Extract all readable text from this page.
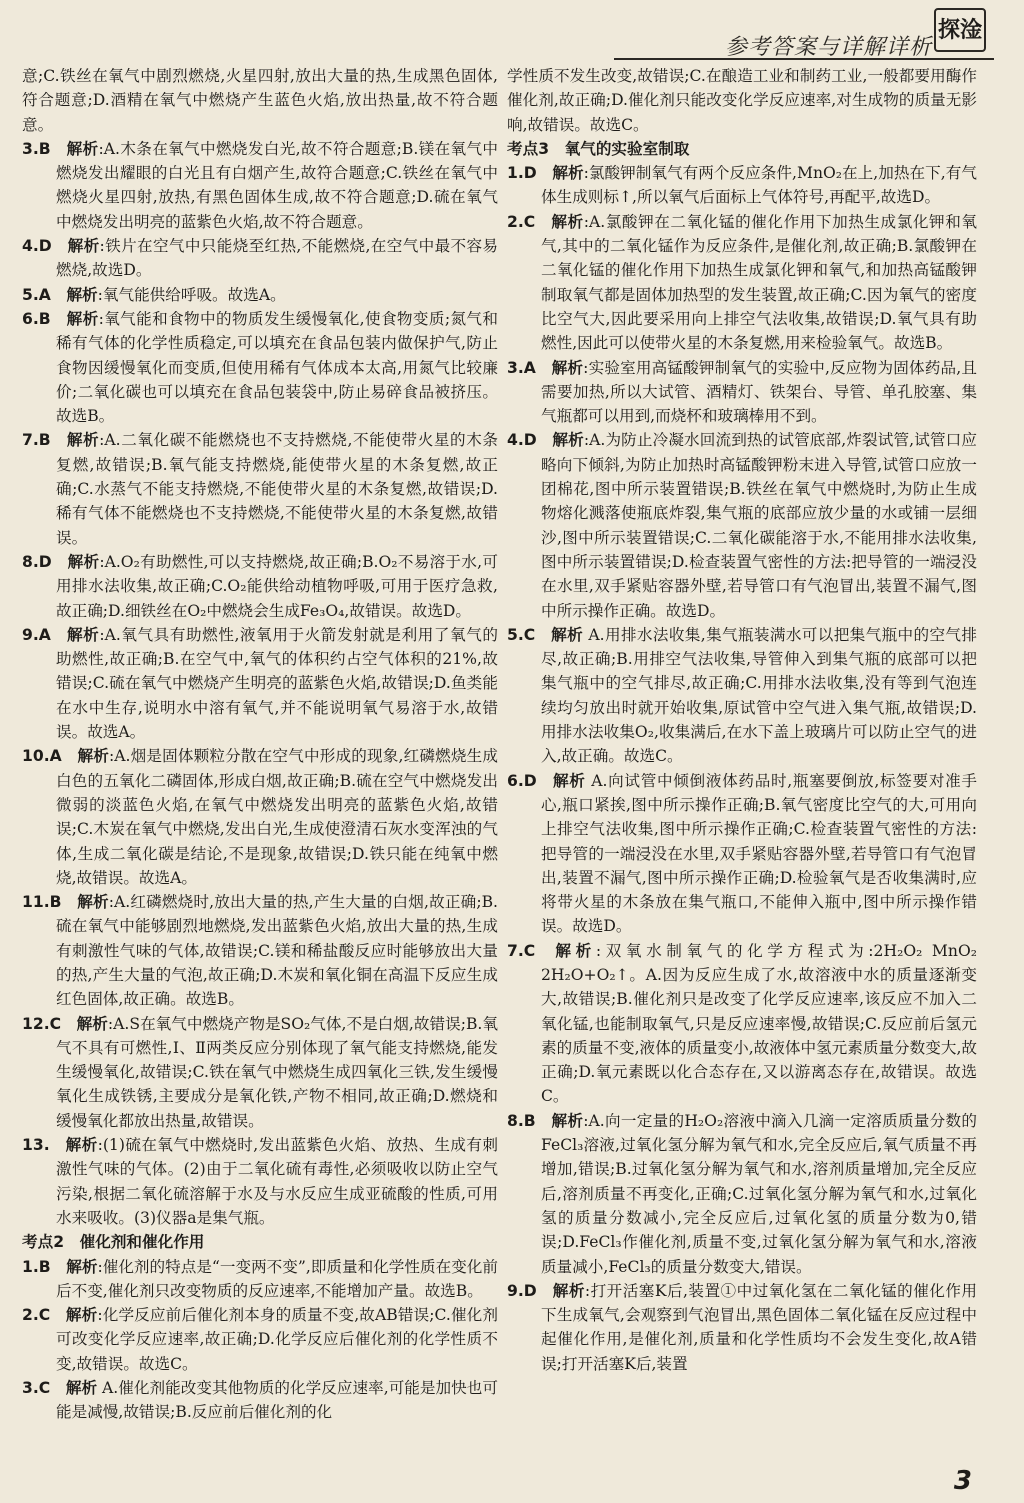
参考答案与详解详析
探淦
意;C.铁丝在氧气中剧烈燃烧,火星四射,放出大量的热,生成黑色固体,符合题意;D.酒精在氧气中燃烧产生蓝色火焰,放出热量,故不符合题意。
3.B  解析:A.木条在氧气中燃烧发白光,故不符合题意;B.镁在氧气中燃烧发出耀眼的白光且有白烟产生,故符合题意;C.铁丝在氧气中燃烧火星四射,放热,有黑色固体生成,故不符合题意;D.硫在氧气中燃烧发出明亮的蓝紫色火焰,故不符合题意。
4.D  解析:铁片在空气中只能烧至红热,不能燃烧,在空气中最不容易燃烧,故选D。
5.A  解析:氧气能供给呼吸。故选A。
6.B  解析:氧气能和食物中的物质发生缓慢氧化,使食物变质;氮气和稀有气体的化学性质稳定,可以填充在食品包装内做保护气,防止食物因缓慢氧化而变质,但使用稀有气体成本太高,用氮气比较廉价;二氧化碳也可以填充在食品包装袋中,防止易碎食品被挤压。故选B。
7.B  解析:A.二氧化碳不能燃烧也不支持燃烧,不能使带火星的木条复燃,故错误;B.氧气能支持燃烧,能使带火星的木条复燃,故正确;C.水蒸气不能支持燃烧,不能使带火星的木条复燃,故错误;D.稀有气体不能燃烧也不支持燃烧,不能使带火星的木条复燃,故错误。
8.D  解析:A.O₂有助燃性,可以支持燃烧,故正确;B.O₂不易溶于水,可用排水法收集,故正确;C.O₂能供给动植物呼吸,可用于医疗急救,故正确;D.细铁丝在O₂中燃烧会生成Fe₃O₄,故错误。故选D。
9.A  解析:A.氧气具有助燃性,液氧用于火箭发射就是利用了氧气的助燃性,故正确;B.在空气中,氧气的体积约占空气体积的21%,故错误;C.硫在氧气中燃烧产生明亮的蓝紫色火焰,故错误;D.鱼类能在水中生存,说明水中溶有氧气,并不能说明氧气易溶于水,故错误。故选A。
10.A  解析:A.烟是固体颗粒分散在空气中形成的现象,红磷燃烧生成白色的五氧化二磷固体,形成白烟,故正确;B.硫在空气中燃烧发出微弱的淡蓝色火焰,在氧气中燃烧发出明亮的蓝紫色火焰,故错误;C.木炭在氧气中燃烧,发出白光,生成使澄清石灰水变浑浊的气体,生成二氧化碳是结论,不是现象,故错误;D.铁只能在纯氧中燃烧,故错误。故选A。
11.B  解析:A.红磷燃烧时,放出大量的热,产生大量的白烟,故正确;B.硫在氧气中能够剧烈地燃烧,发出蓝紫色火焰,放出大量的热,生成有刺激性气味的气体,故错误;C.镁和稀盐酸反应时能够放出大量的热,产生大量的气泡,故正确;D.木炭和氧化铜在高温下反应生成红色固体,故正确。故选B。
12.C  解析:A.S在氧气中燃烧产物是SO₂气体,不是白烟,故错误;B.氧气不具有可燃性,Ⅰ、Ⅱ两类反应分别体现了氧气能支持燃烧,能发生缓慢氧化,故错误;C.铁在氧气中燃烧生成四氧化三铁,发生缓慢氧化生成铁锈,主要成分是氧化铁,产物不相同,故正确;D.燃烧和缓慢氧化都放出热量,故错误。
13.  解析:(1)硫在氧气中燃烧时,发出蓝紫色火焰、放热、生成有刺激性气味的气体。(2)由于二氧化硫有毒性,必须吸收以防止空气污染,根据二氧化硫溶解于水及与水反应生成亚硫酸的性质,可用水来吸收。(3)仪器a是集气瓶。
考点2　催化剂和催化作用
1.B  解析:催化剂的特点是“一变两不变”,即质量和化学性质在变化前后不变,催化剂只改变物质的反应速率,不能增加产量。故选B。
2.C  解析:化学反应前后催化剂本身的质量不变,故AB错误;C.催化剂可改变化学反应速率,故正确;D.化学反应后催化剂的化学性质不变,故错误。故选C。
3.C  解析 A.催化剂能改变其他物质的化学反应速率,可能是加快也可能是减慢,故错误;B.反应前后催化剂的化
学性质不发生改变,故错误;C.在酿造工业和制药工业,一般都要用酶作催化剂,故正确;D.催化剂只能改变化学反应速率,对生成物的质量无影响,故错误。故选C。
考点3　氧气的实验室制取
1.D  解析:氯酸钾制氧气有两个反应条件,MnO₂在上,加热在下,有气体生成则标↑,所以氧气后面标上气体符号,再配平,故选D。
2.C  解析:A.氯酸钾在二氧化锰的催化作用下加热生成氯化钾和氧气,其中的二氧化锰作为反应条件,是催化剂,故正确;B.氯酸钾在二氧化锰的催化作用下加热生成氯化钾和氧气,和加热高锰酸钾制取氧气都是固体加热型的发生装置,故正确;C.因为氧气的密度比空气大,因此要采用向上排空气法收集,故错误;D.氧气具有助燃性,因此可以使带火星的木条复燃,用来检验氧气。故选B。
3.A  解析:实验室用高锰酸钾制氧气的实验中,反应物为固体药品,且需要加热,所以大试管、酒精灯、铁架台、导管、单孔胶塞、集气瓶都可以用到,而烧杯和玻璃棒用不到。
4.D  解析:A.为防止冷凝水回流到热的试管底部,炸裂试管,试管口应略向下倾斜,为防止加热时高锰酸钾粉末进入导管,试管口应放一团棉花,图中所示装置错误;B.铁丝在氧气中燃烧时,为防止生成物熔化溅落使瓶底炸裂,集气瓶的底部应放少量的水或铺一层细沙,图中所示装置错误;C.二氧化碳能溶于水,不能用排水法收集,图中所示装置错误;D.检查装置气密性的方法:把导管的一端浸没在水里,双手紧贴容器外壁,若导管口有气泡冒出,装置不漏气,图中所示操作正确。故选D。
5.C  解析 A.用排水法收集,集气瓶装满水可以把集气瓶中的空气排尽,故正确;B.用排空气法收集,导管伸入到集气瓶的底部可以把集气瓶中的空气排尽,故正确;C.用排水法收集,没有等到气泡连续均匀放出时就开始收集,原试管中空气进入集气瓶,故错误;D.用排水法收集O₂,收集满后,在水下盖上玻璃片可以防止空气的进入,故正确。故选C。
6.D  解析 A.向试管中倾倒液体药品时,瓶塞要倒放,标签要对准手心,瓶口紧挨,图中所示操作正确;B.氧气密度比空气的大,可用向上排空气法收集,图中所示操作正确;C.检查装置气密性的方法:把导管的一端浸没在水里,双手紧贴容器外壁,若导管口有气泡冒出,装置不漏气,图中所示操作正确;D.检验氧气是否收集满时,应将带火星的木条放在集气瓶口,不能伸入瓶中,图中所示操作错误。故选D。
7.C  解析:双氧水制氧气的化学方程式为:2H₂O₂ MnO₂ 2H₂O+O₂↑。A.因为反应生成了水,故溶液中水的质量逐渐变大,故错误;B.催化剂只是改变了化学反应速率,该反应不加入二氧化锰,也能制取氧气,只是反应速率慢,故错误;C.反应前后氢元素的质量不变,液体的质量变小,故液体中氢元素质量分数变大,故正确;D.氧元素既以化合态存在,又以游离态存在,故错误。故选C。
8.B  解析:A.向一定量的H₂O₂溶液中滴入几滴一定溶质质量分数的FeCl₃溶液,过氧化氢分解为氧气和水,完全反应后,氧气质量不再增加,错误;B.过氧化氢分解为氧气和水,溶剂质量增加,完全反应后,溶剂质量不再变化,正确;C.过氧化氢分解为氧气和水,过氧化氢的质量分数减小,完全反应后,过氧化氢的质量分数为0,错误;D.FeCl₃作催化剂,质量不变,过氧化氢分解为氧气和水,溶液质量减小,FeCl₃的质量分数变大,错误。
9.D  解析:打开活塞K后,装置①中过氧化氢在二氧化锰的催化作用下生成氧气,会观察到气泡冒出,黑色固体二氧化锰在反应过程中起催化作用,是催化剂,质量和化学性质均不会发生变化,故A错误;打开活塞K后,装置
3
